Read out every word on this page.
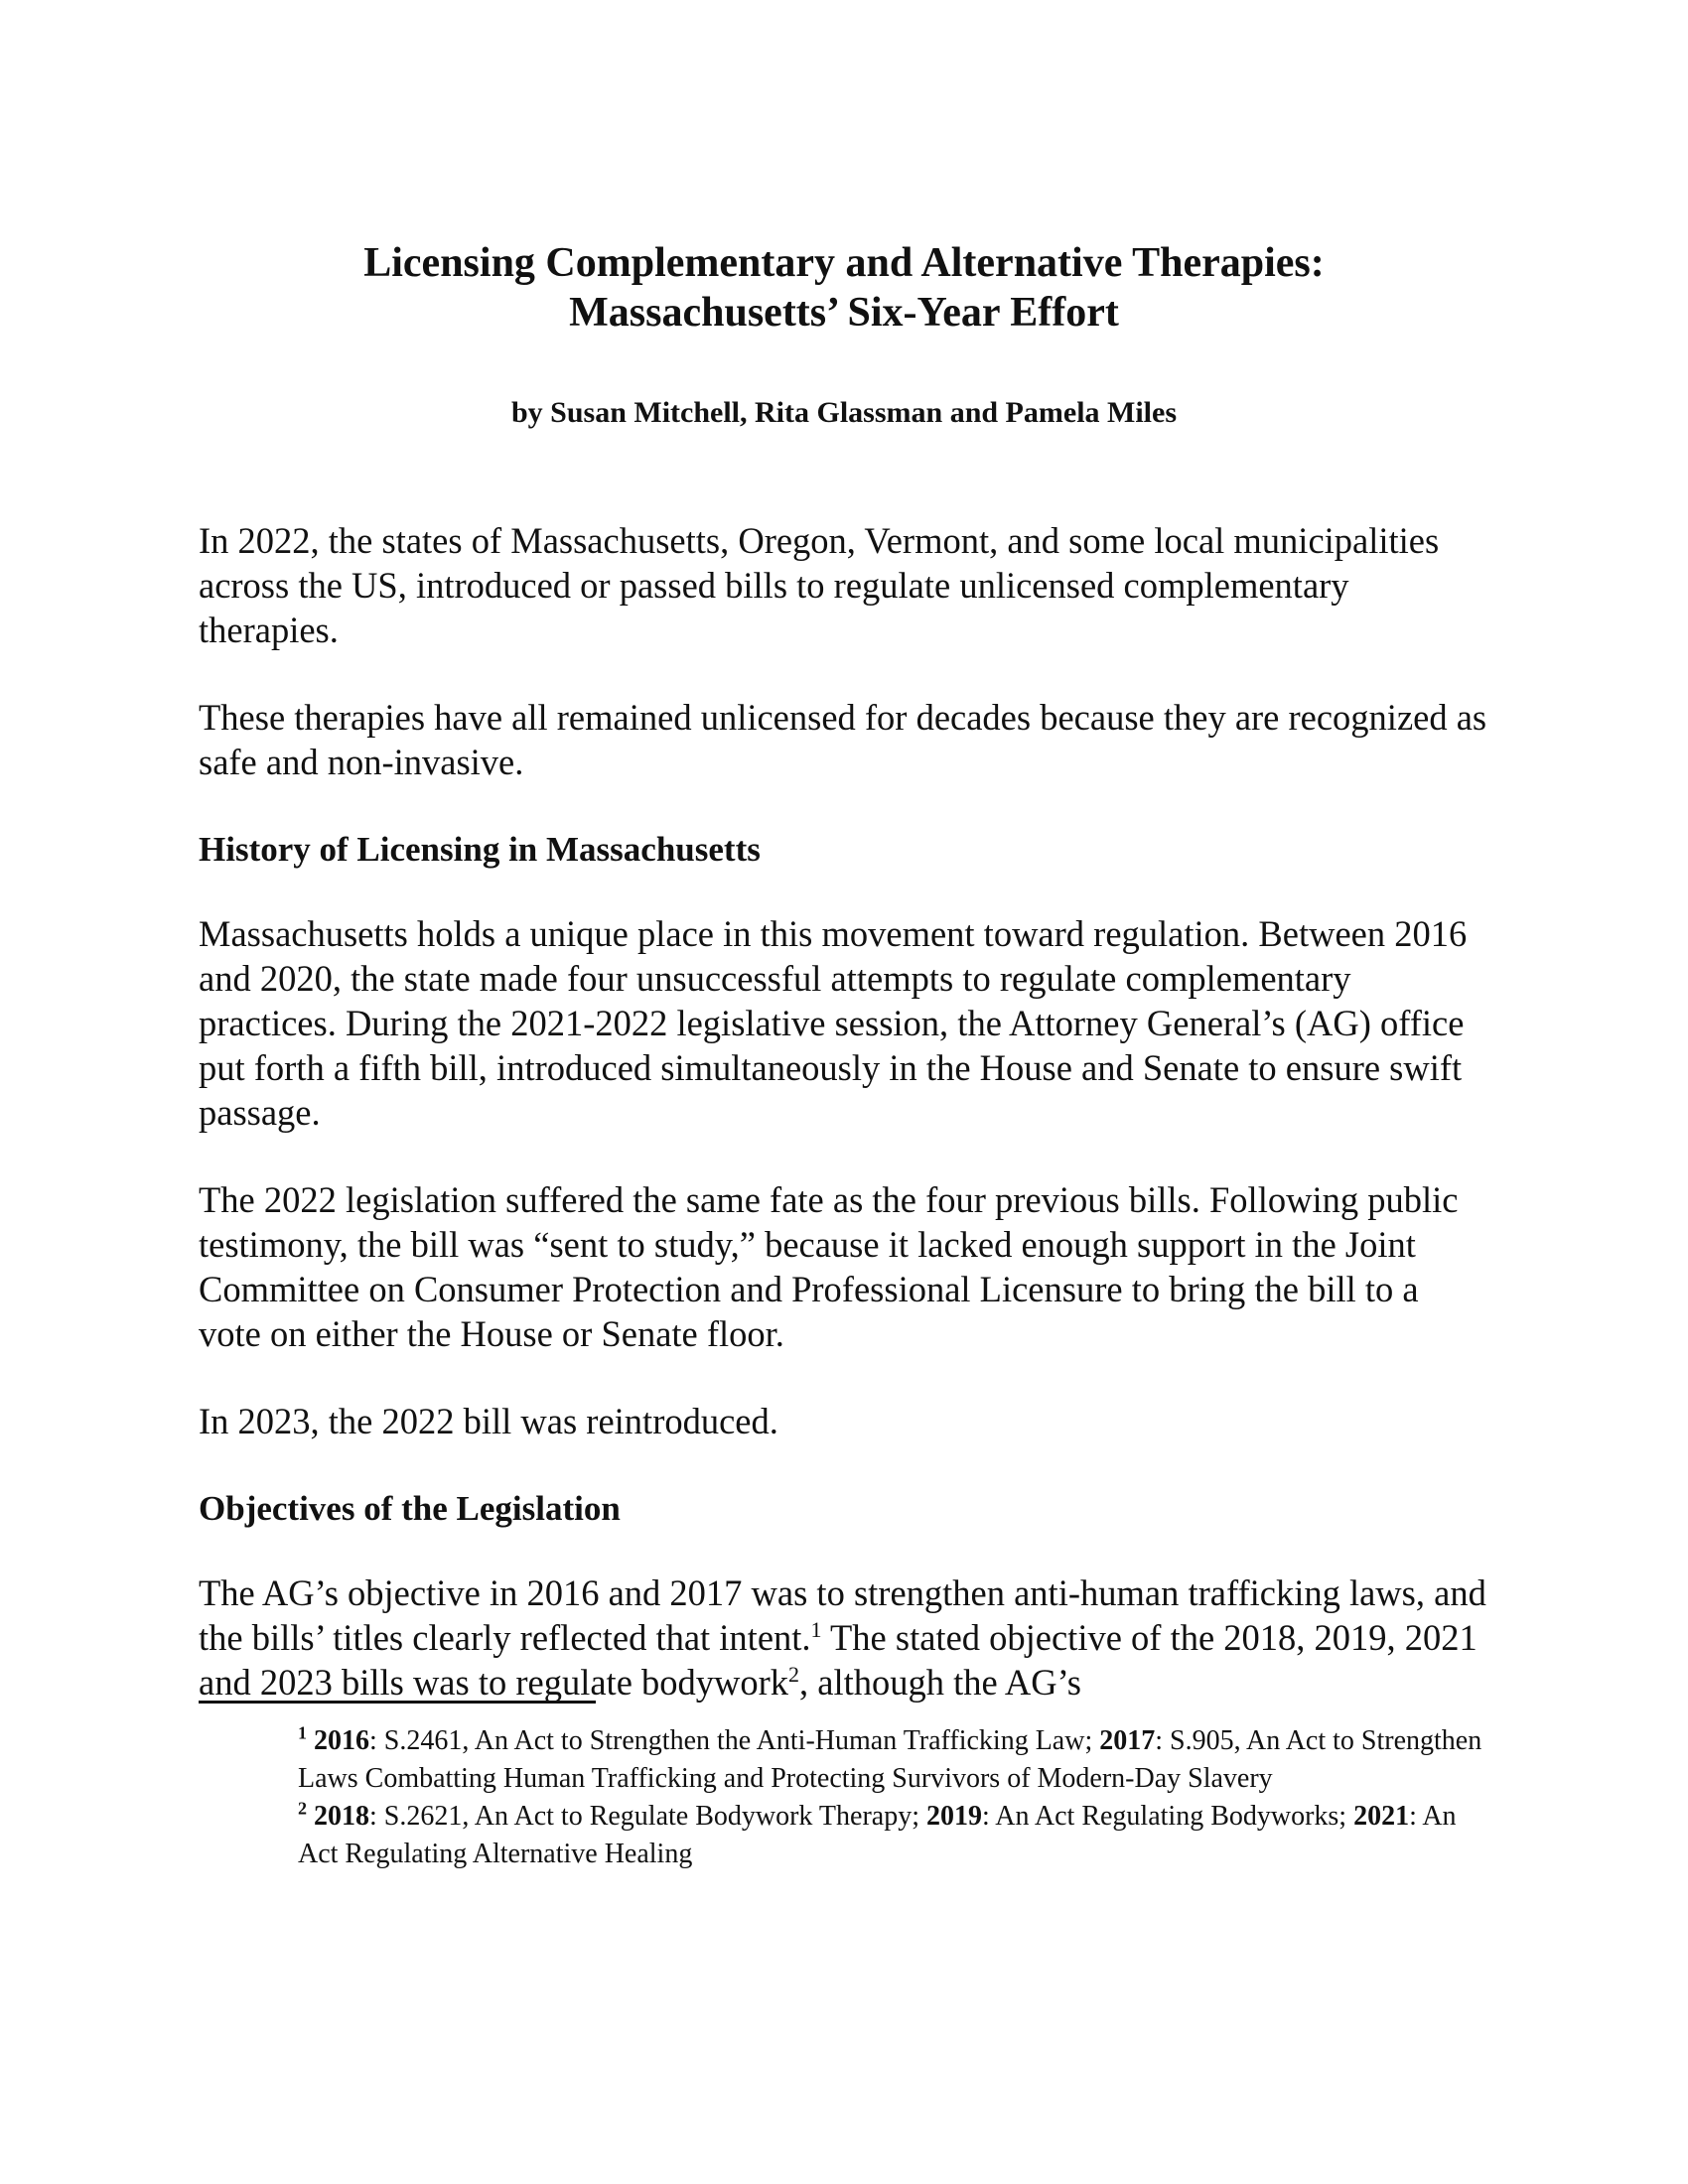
Licensing Complementary and Alternative Therapies:
Massachusetts’ Six-Year Effort

by Susan Mitchell, Rita Glassman and Pamela Miles

In 2022, the states of Massachusetts, Oregon, Vermont, and some local municipalities across the US, introduced or passed bills to regulate unlicensed complementary therapies.

These therapies have all remained unlicensed for decades because they are recognized as safe and non-invasive.

History of Licensing in Massachusetts

Massachusetts holds a unique place in this movement toward regulation. Between 2016 and 2020, the state made four unsuccessful attempts to regulate complementary practices. During the 2021-2022 legislative session, the Attorney General’s (AG) office put forth a fifth bill, introduced simultaneously in the House and Senate to ensure swift passage.

The 2022 legislation suffered the same fate as the four previous bills. Following public testimony, the bill was “sent to study,” because it lacked enough support in the Joint Committee on Consumer Protection and Professional Licensure to bring the bill to a vote on either the House or Senate floor.

In 2023, the 2022 bill was reintroduced.

Objectives of the Legislation

The AG’s objective in 2016 and 2017 was to strengthen anti-human trafficking laws, and the bills’ titles clearly reflected that intent.$^1$ The stated objective of the 2018, 2019, 2021 and 2023 bills was to regulate bodywork$^2$, although the AG’s

$^1$ 2016: S.2461, An Act to Strengthen the Anti-Human Trafficking Law; 2017: S.905, An Act to Strengthen Laws Combatting Human Trafficking and Protecting Survivors of Modern-Day Slavery

$^2$ 2018: S.2621, An Act to Regulate Bodywork Therapy; 2019: An Act Regulating Bodyworks; 2021: An Act Regulating Alternative Healing
